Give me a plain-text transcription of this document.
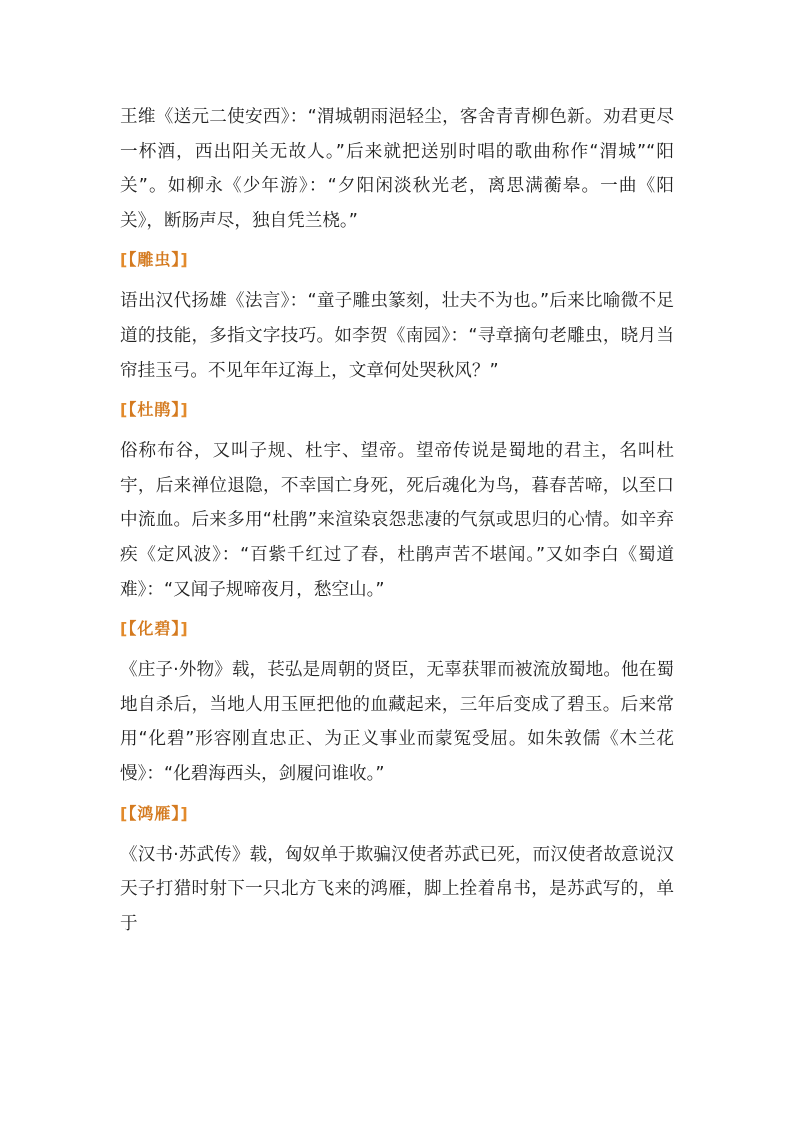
王维《送元二使安西》：“渭城朝雨浥轻尘，客舍青青柳色新。劝君更尽一杯酒，西出阳关无故人。”后来就把送别时唱的歌曲称作“渭城”“阳关”。如柳永《少年游》：“夕阳闲淡秋光老，离思满蘅皋。一曲《阳关》，断肠声尽，独自凭兰桡。”

[【雕虫】]

语出汉代扬雄《法言》：“童子雕虫篆刻，壮夫不为也。”后来比喻微不足道的技能，多指文字技巧。如李贺《南园》：“寻章摘句老雕虫，晓月当帘挂玉弓。不见年年辽海上，文章何处哭秋风？”

[【杜鹃】]

俗称布谷，又叫子规、杜宇、望帝。望帝传说是蜀地的君主，名叫杜宇，后来禅位退隐，不幸国亡身死，死后魂化为鸟，暮春苦啼，以至口中流血。后来多用“杜鹃”来渲染哀怨悲凄的气氛或思归的心情。如辛弃疾《定风波》：“百紫千红过了春，杜鹃声苦不堪闻。”又如李白《蜀道难》：“又闻子规啼夜月，愁空山。”

[【化碧】]

《庄子·外物》载，苌弘是周朝的贤臣，无辜获罪而被流放蜀地。他在蜀地自杀后，当地人用玉匣把他的血藏起来，三年后变成了碧玉。后来常用“化碧”形容刚直忠正、为正义事业而蒙冤受屈。如朱敦儒《木兰花慢》：“化碧海西头，剑履问谁收。”

[【鸿雁】]

《汉书·苏武传》载，匈奴单于欺骗汉使者苏武已死，而汉使者故意说汉天子打猎时射下一只北方飞来的鸿雁，脚上拴着帛书，是苏武写的，单于
